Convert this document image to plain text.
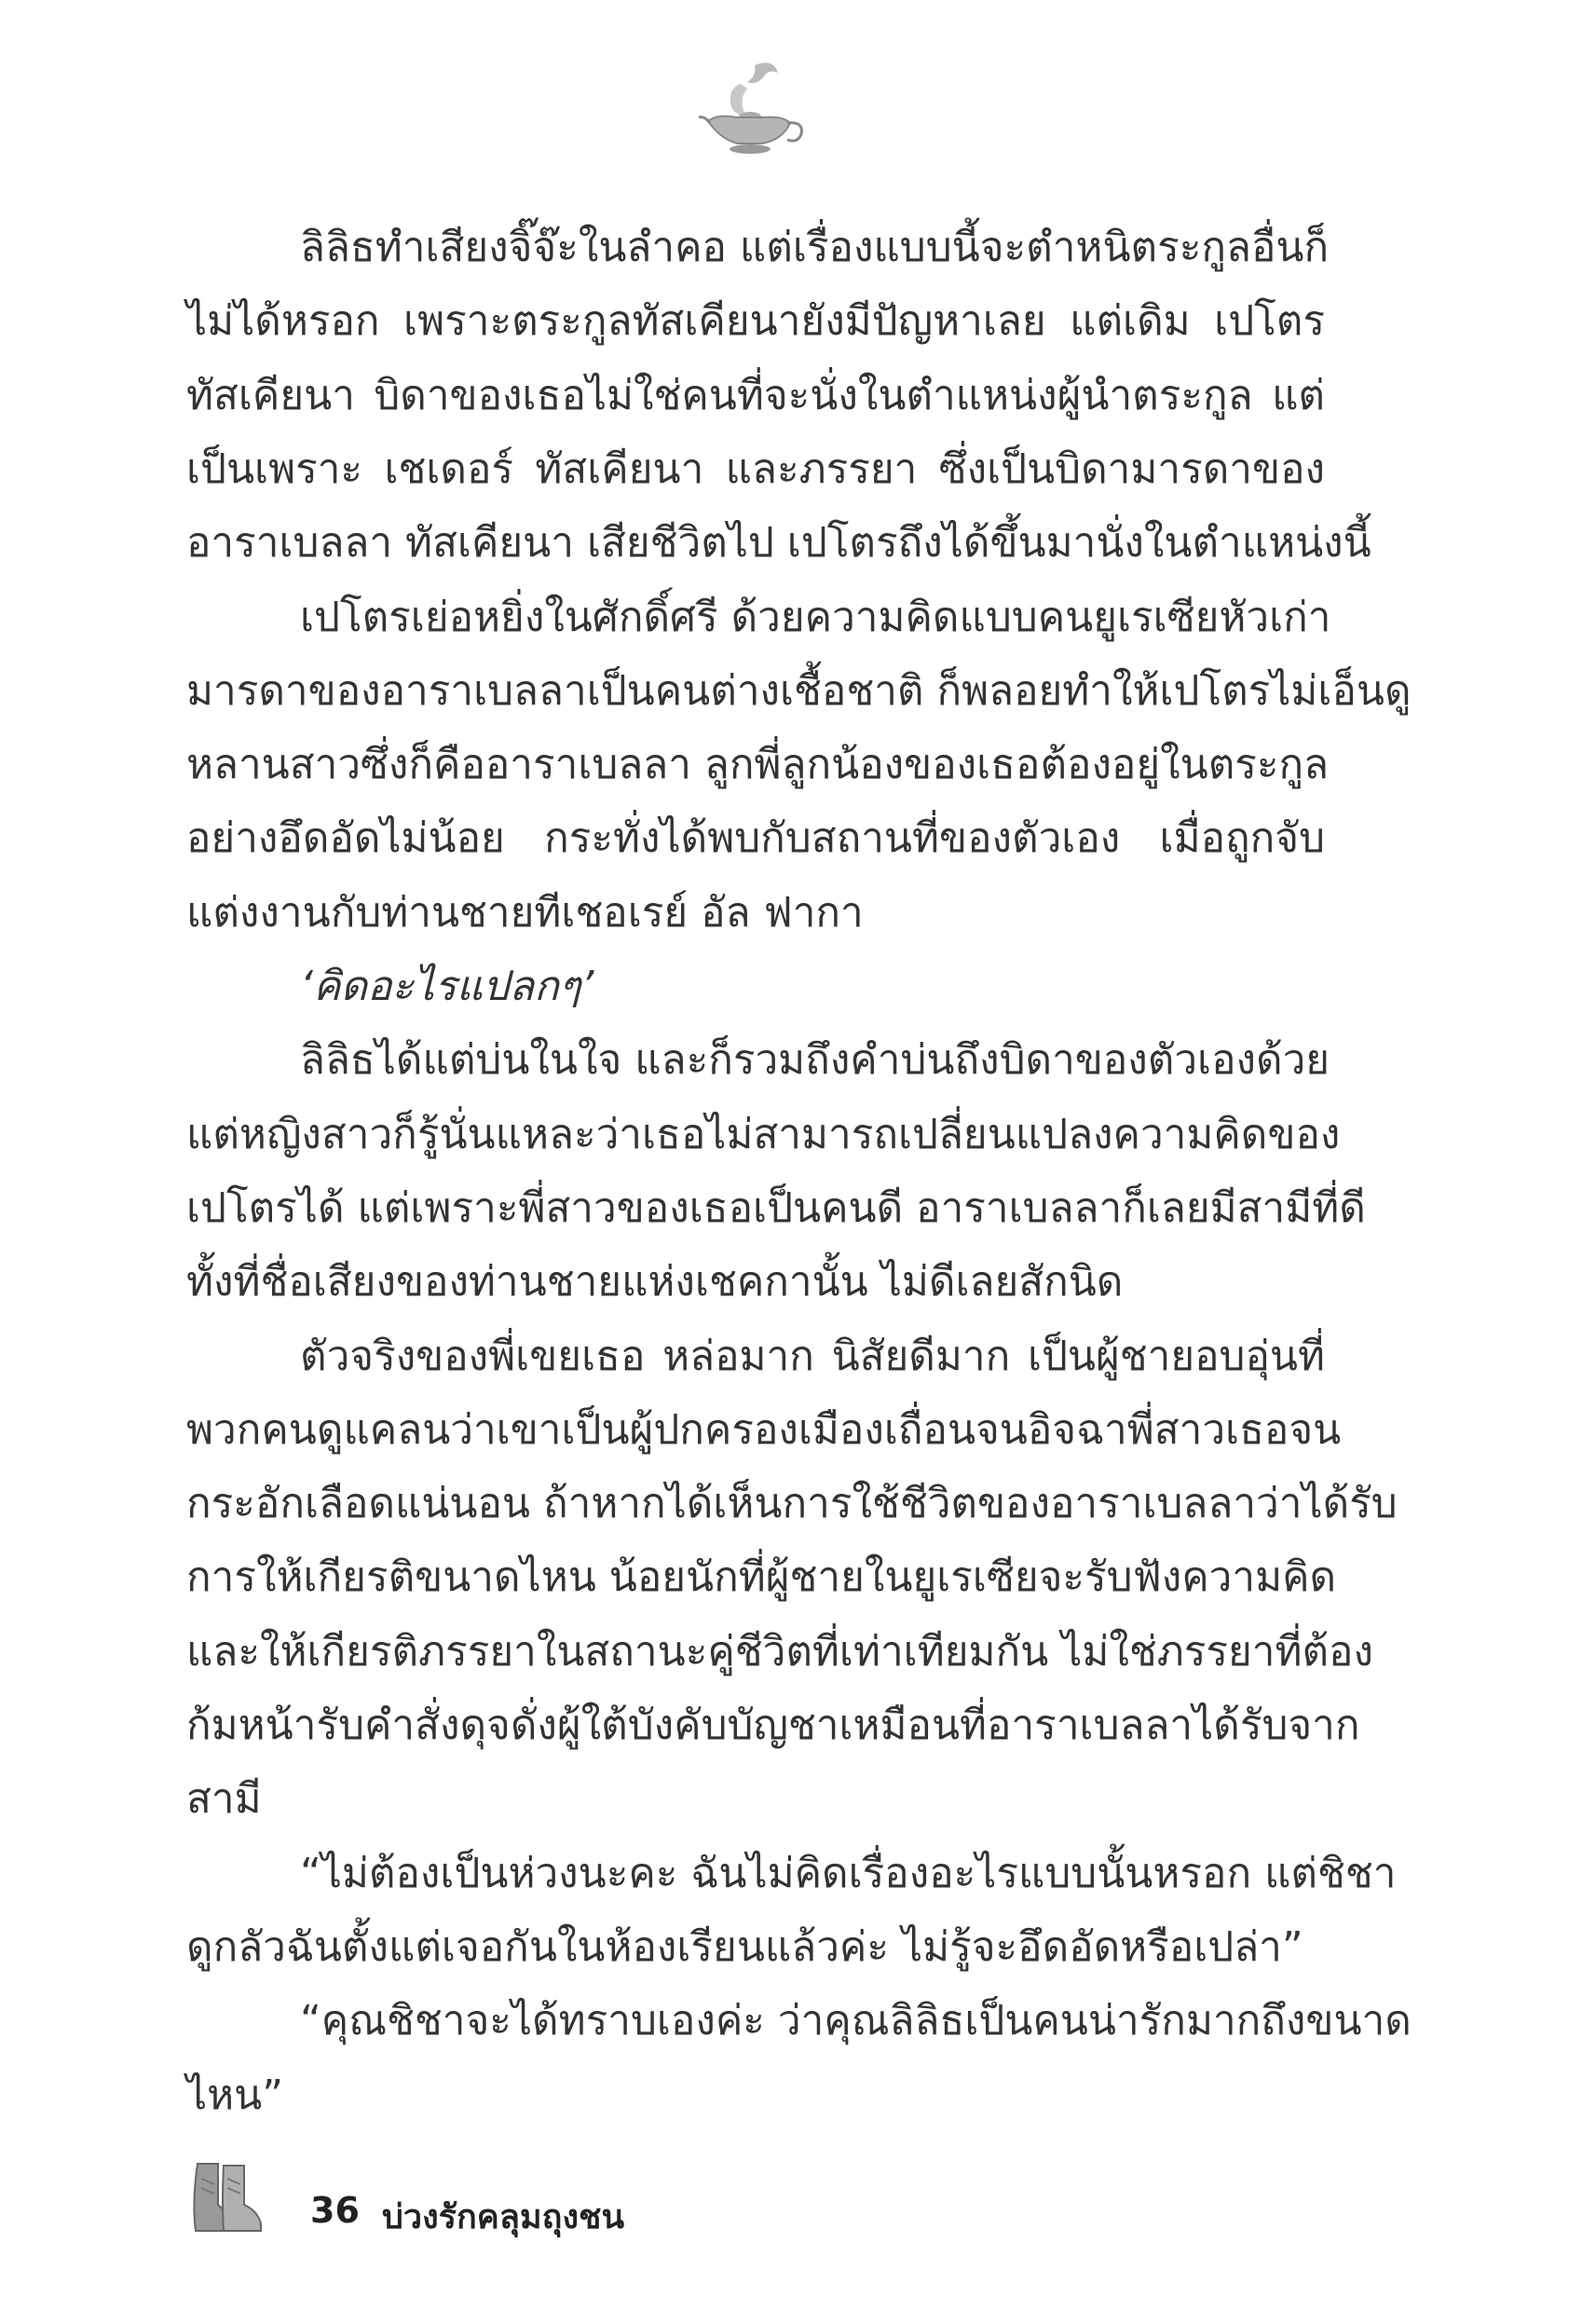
ลิลิธทำเสียงจิ๊จ๊ะในลำคอ แต่เรื่องแบบนี้จะตำหนิตระกูลอื่นก็
ไม่ได้หรอก เพราะตระกูลทัสเคียนายังมีปัญหาเลย แต่เดิม เปโตร
ทัสเคียนา บิดาของเธอไม่ใช่คนที่จะนั่งในตำแหน่งผู้นำตระกูล แต่
เป็นเพราะ เชเดอร์ ทัสเคียนา และภรรยา ซึ่งเป็นบิดามารดาของ
อาราเบลลา ทัสเคียนา เสียชีวิตไป เปโตรถึงได้ขึ้นมานั่งในตำแหน่งนี้
เปโตรเย่อหยิ่งในศักดิ์ศรี ด้วยความคิดแบบคนยูเรเซียหัวเก่า
มารดาของอาราเบลลาเป็นคนต่างเชื้อชาติ ก็พลอยทำให้เปโตรไม่เอ็นดู
หลานสาวซึ่งก็คืออาราเบลลา ลูกพี่ลูกน้องของเธอต้องอยู่ในตระกูล
อย่างอึดอัดไม่น้อย กระทั่งได้พบกับสถานที่ของตัวเอง เมื่อถูกจับ
แต่งงานกับท่านชายทีเชอเรย์ อัล ฟากา
‘คิดอะไรแปลกๆ’
ลิลิธได้แต่บ่นในใจ และก็รวมถึงคำบ่นถึงบิดาของตัวเองด้วย
แต่หญิงสาวก็รู้นั่นแหละว่าเธอไม่สามารถเปลี่ยนแปลงความคิดของ
เปโตรได้ แต่เพราะพี่สาวของเธอเป็นคนดี อาราเบลลาก็เลยมีสามีที่ดี
ทั้งที่ชื่อเสียงของท่านชายแห่งเชคกานั้น ไม่ดีเลยสักนิด
ตัวจริงของพี่เขยเธอ หล่อมาก นิสัยดีมาก เป็นผู้ชายอบอุ่นที่
พวกคนดูแคลนว่าเขาเป็นผู้ปกครองเมืองเถื่อนจนอิจฉาพี่สาวเธอจน
กระอักเลือดแน่นอน ถ้าหากได้เห็นการใช้ชีวิตของอาราเบลลาว่าได้รับ
การให้เกียรติขนาดไหน น้อยนักที่ผู้ชายในยูเรเซียจะรับฟังความคิด
และให้เกียรติภรรยาในสถานะคู่ชีวิตที่เท่าเทียมกัน ไม่ใช่ภรรยาที่ต้อง
ก้มหน้ารับคำสั่งดุจดั่งผู้ใต้บังคับบัญชาเหมือนที่อาราเบลลาได้รับจาก
สามี
“ไม่ต้องเป็นห่วงนะคะ ฉันไม่คิดเรื่องอะไรแบบนั้นหรอก แต่ชิชา
ดูกลัวฉันตั้งแต่เจอกันในห้องเรียนแล้วค่ะ ไม่รู้จะอึดอัดหรือเปล่า”
“คุณชิชาจะได้ทราบเองค่ะ ว่าคุณลิลิธเป็นคนน่ารักมากถึงขนาด
ไหน”
36 บ่วงรักคลุมถุงชน
